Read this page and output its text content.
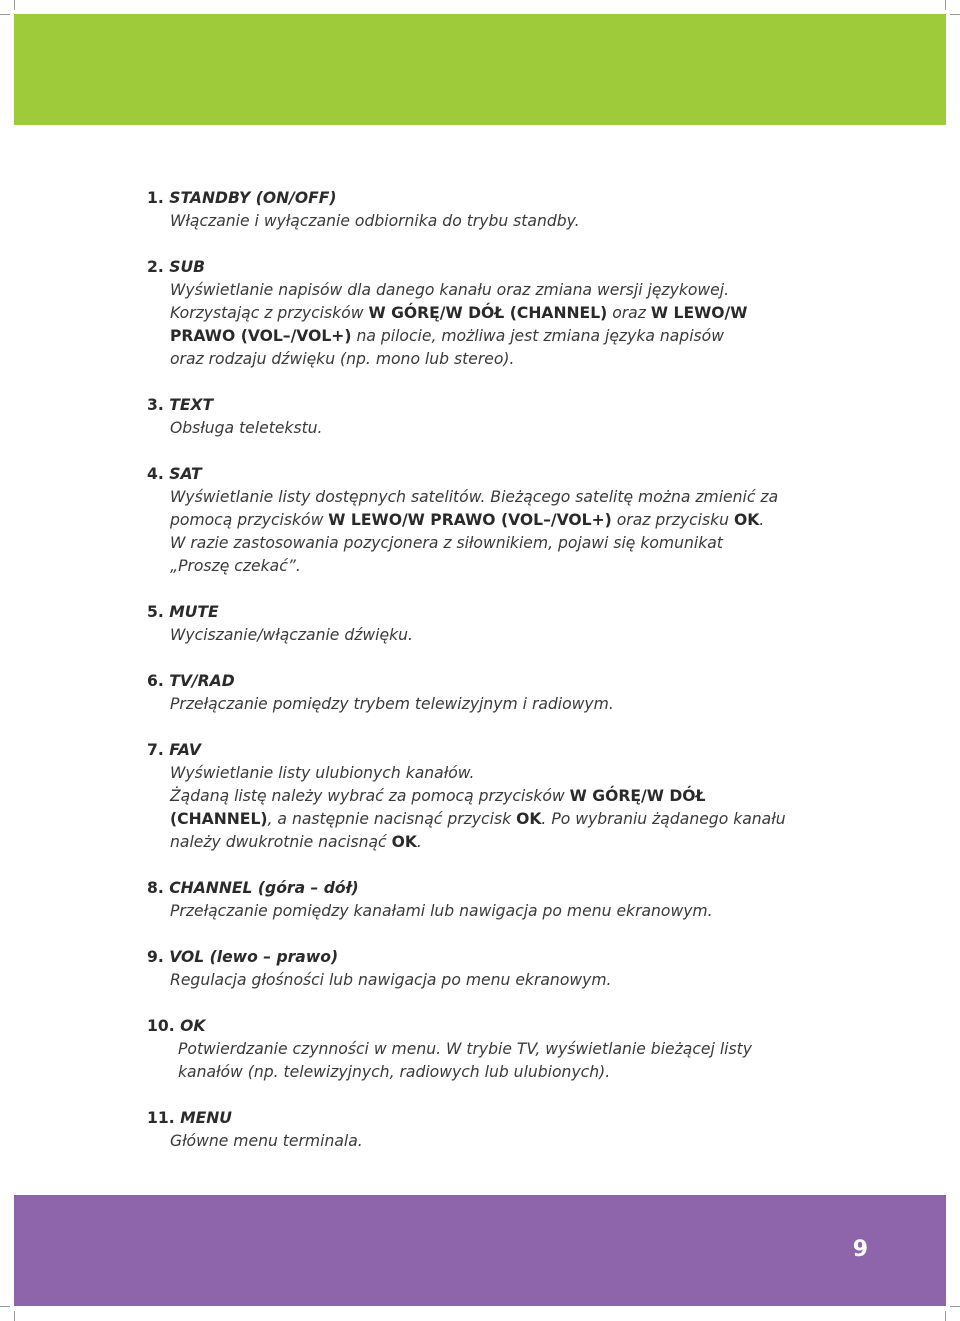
1. STANDBY (ON/OFF)
Włączanie i wyłączanie odbiornika do trybu standby.
2. SUB
Wyświetlanie napisów dla danego kanału oraz zmiana wersji językowej.
Korzystając z przycisków W GÓRĘ/W DÓŁ (CHANNEL) oraz W LEWO/W
PRAWO (VOL–/VOL+) na pilocie, możliwa jest zmiana języka napisów
oraz rodzaju dźwięku (np. mono lub stereo).
3. TEXT
Obsługa teletekstu.
4. SAT
Wyświetlanie listy dostępnych satelitów. Bieżącego satelitę można zmienić za
pomocą przycisków W LEWO/W PRAWO (VOL–/VOL+) oraz przycisku OK.
W razie zastosowania pozycjonera z siłownikiem, pojawi się komunikat
„Proszę czekać”.
5. MUTE
Wyciszanie/włączanie dźwięku.
6. TV/RAD
Przełączanie pomiędzy trybem telewizyjnym i radiowym.
7. FAV
Wyświetlanie listy ulubionych kanałów.
Żądaną listę należy wybrać za pomocą przycisków W GÓRĘ/W DÓŁ
(CHANNEL), a następnie nacisnąć przycisk OK. Po wybraniu żądanego kanału
należy dwukrotnie nacisnąć OK.
8. CHANNEL (góra – dół)
Przełączanie pomiędzy kanałami lub nawigacja po menu ekranowym.
9. VOL (lewo – prawo)
Regulacja głośności lub nawigacja po menu ekranowym.
10. OK
Potwierdzanie czynności w menu. W trybie TV, wyświetlanie bieżącej listy
kanałów (np. telewizyjnych, radiowych lub ulubionych).
11. MENU
Główne menu terminala.
9
